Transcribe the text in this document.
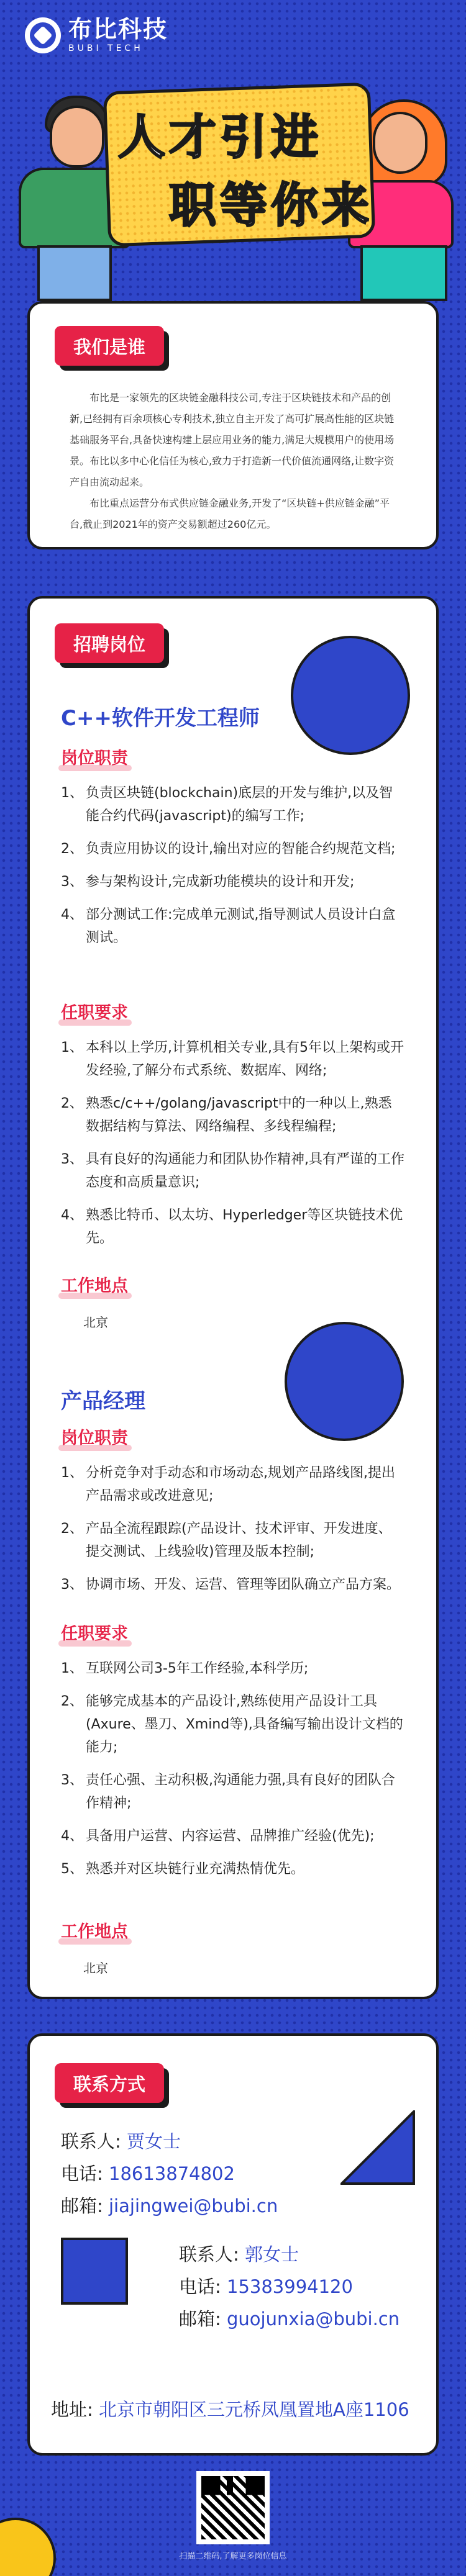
布比科技
BUBI TECH
人才引进
职等你来
我们是谁

布比是一家领先的区块链金融科技公司,专注于区块链技术和产品的创新,已经拥有百余项核心专利技术,独立自主开发了高可扩展高性能的区块链基础服务平台,具备快速构建上层应用业务的能力,满足大规模用户的使用场景。布比以多中心化信任为核心,致力于打造新一代价值流通网络,让数字资产自由流动起来。

布比重点运营分布式供应链金融业务,开发了“区块链+供应链金融”平台,截止到2021年的资产交易额超过260亿元。

招聘岗位
C++软件开发工程师
岗位职责
1、 负责区块链(blockchain)底层的开发与维护,以及智能合约代码(javascript)的编写工作;
2、 负责应用协议的设计,输出对应的智能合约规范文档;
3、 参与架构设计,完成新功能模块的设计和开发;
4、 部分测试工作:完成单元测试,指导测试人员设计白盒测试。
任职要求
1、 本科以上学历,计算机相关专业,具有5年以上架构或开发经验,了解分布式系统、数据库、网络;
2、 熟悉c/c++/golang/javascript中的一种以上,熟悉数据结构与算法、网络编程、多线程编程;
3、 具有良好的沟通能力和团队协作精神,具有严谨的工作态度和高质量意识;
4、 熟悉比特币、以太坊、Hyperledger等区块链技术优先。
工作地点
北京
产品经理
岗位职责
1、 分析竞争对手动态和市场动态,规划产品路线图,提出产品需求或改进意见;
2、 产品全流程跟踪(产品设计、技术评审、开发进度、提交测试、上线验收)管理及版本控制;
3、 协调市场、开发、运营、管理等团队确立产品方案。
任职要求
1、 互联网公司3-5年工作经验,本科学历;
2、 能够完成基本的产品设计,熟练使用产品设计工具(Axure、墨刀、Xmind等),具备编写输出设计文档的能力;
3、 责任心强、主动积极,沟通能力强,具有良好的团队合作精神;
4、 具备用户运营、内容运营、品牌推广经验(优先);
5、 熟悉并对区块链行业充满热情优先。
工作地点
北京
联系方式
联系人: 贾女士
电话: 18613874802
邮箱: jiajingwei@bubi.cn
联系人: 郭女士
电话: 15383994120
邮箱: guojunxia@bubi.cn
地址: 北京市朝阳区三元桥凤凰置地A座1106
扫描二维码,了解更多岗位信息
